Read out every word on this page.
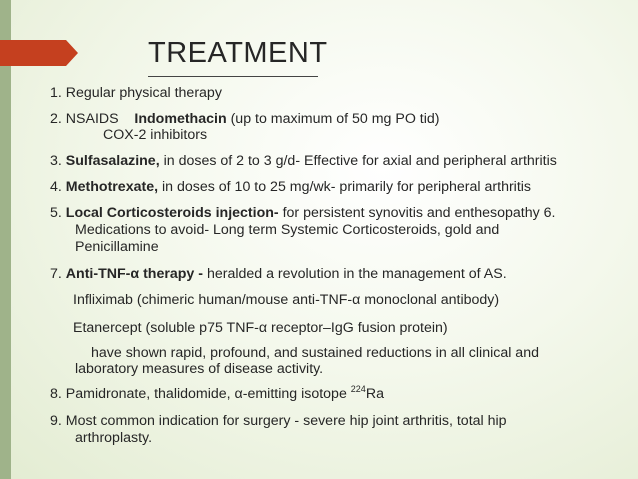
TREATMENT
1. Regular physical therapy
2. NSAIDS Indomethacin (up to maximum of 50 mg PO tid)
COX-2 inhibitors
3. Sulfasalazine, in doses of 2 to 3 g/d- Effective for axial and peripheral arthritis
4. Methotrexate, in doses of 10 to 25 mg/wk- primarily for peripheral arthritis
5. Local Corticosteroids injection- for persistent synovitis and enthesopathy 6.
Medications to avoid- Long term Systemic Corticosteroids, gold and
Penicillamine
7. Anti-TNF-α therapy - heralded a revolution in the management of AS.
Infliximab (chimeric human/mouse anti-TNF-α monoclonal antibody)
Etanercept (soluble p75 TNF-α receptor–IgG fusion protein)
have shown rapid, profound, and sustained reductions in all clinical and
laboratory measures of disease activity.
8. Pamidronate, thalidomide, α-emitting isotope $^{224}$Ra
9. Most common indication for surgery - severe hip joint arthritis, total hip
arthroplasty.
